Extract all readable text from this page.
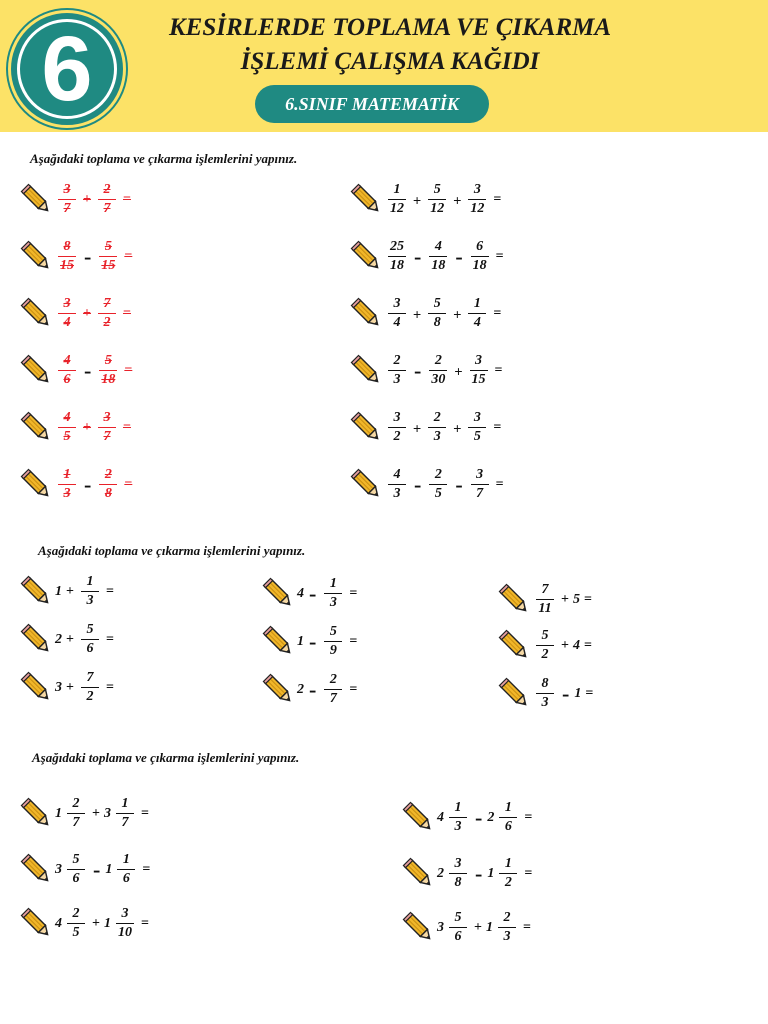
6	KESİRLERDE TOPLAMA VE ÇIKARMA
İŞLEMİ ÇALIŞMA KAĞIDI
6.SINIF MATEMATİK
Aşağıdaki toplama ve çıkarma işlemlerini yapınız.
Aşağıdaki toplama ve çıkarma işlemlerini yapınız.
Aşağıdaki toplama ve çıkarma işlemlerini yapınız.
$\frac{3}{7} + \frac{2}{7}$ =
$\frac{8}{15} - \frac{5}{15}$ =
$\frac{3}{4} + \frac{7}{2}$ =
$\frac{4}{6} - \frac{5}{18}$ =
$\frac{4}{5} + \frac{3}{7}$ =
$\frac{1}{3} - \frac{2}{8}$ =
$\frac{1}{12} + \frac{5}{12} + \frac{3}{12}$ =
$\frac{25}{18} - \frac{4}{18} - \frac{6}{18}$ =
$\frac{3}{4} + \frac{5}{8} + \frac{1}{4}$ =
$\frac{2}{3} - \frac{2}{30} + \frac{3}{15}$ =
$\frac{3}{2} + \frac{2}{3} + \frac{3}{5}$ =
$\frac{4}{3} - \frac{2}{5} - \frac{3}{7}$ =
$1 + \frac{1}{3}$ =
$2 + \frac{5}{6}$ =
$3 + \frac{7}{2}$ =
$4 - \frac{1}{3}$ =
$1 - \frac{5}{9}$ =
$2 - \frac{2}{7}$ =
$\frac{7}{11} + 5$ =
$\frac{5}{2} + 4$ =
$\frac{8}{3} - 1$ =
$1 \frac{2}{7} + 3 \frac{1}{7}$ =
$3 \frac{5}{6} - 1 \frac{1}{6}$ =
$4 \frac{2}{5} + 1 \frac{3}{10}$ =
$4 \frac{1}{3} - 2 \frac{1}{6}$ =
$2 \frac{3}{8} - 1 \frac{1}{2}$ =
$3 \frac{5}{6} + 1 \frac{2}{3}$ =
